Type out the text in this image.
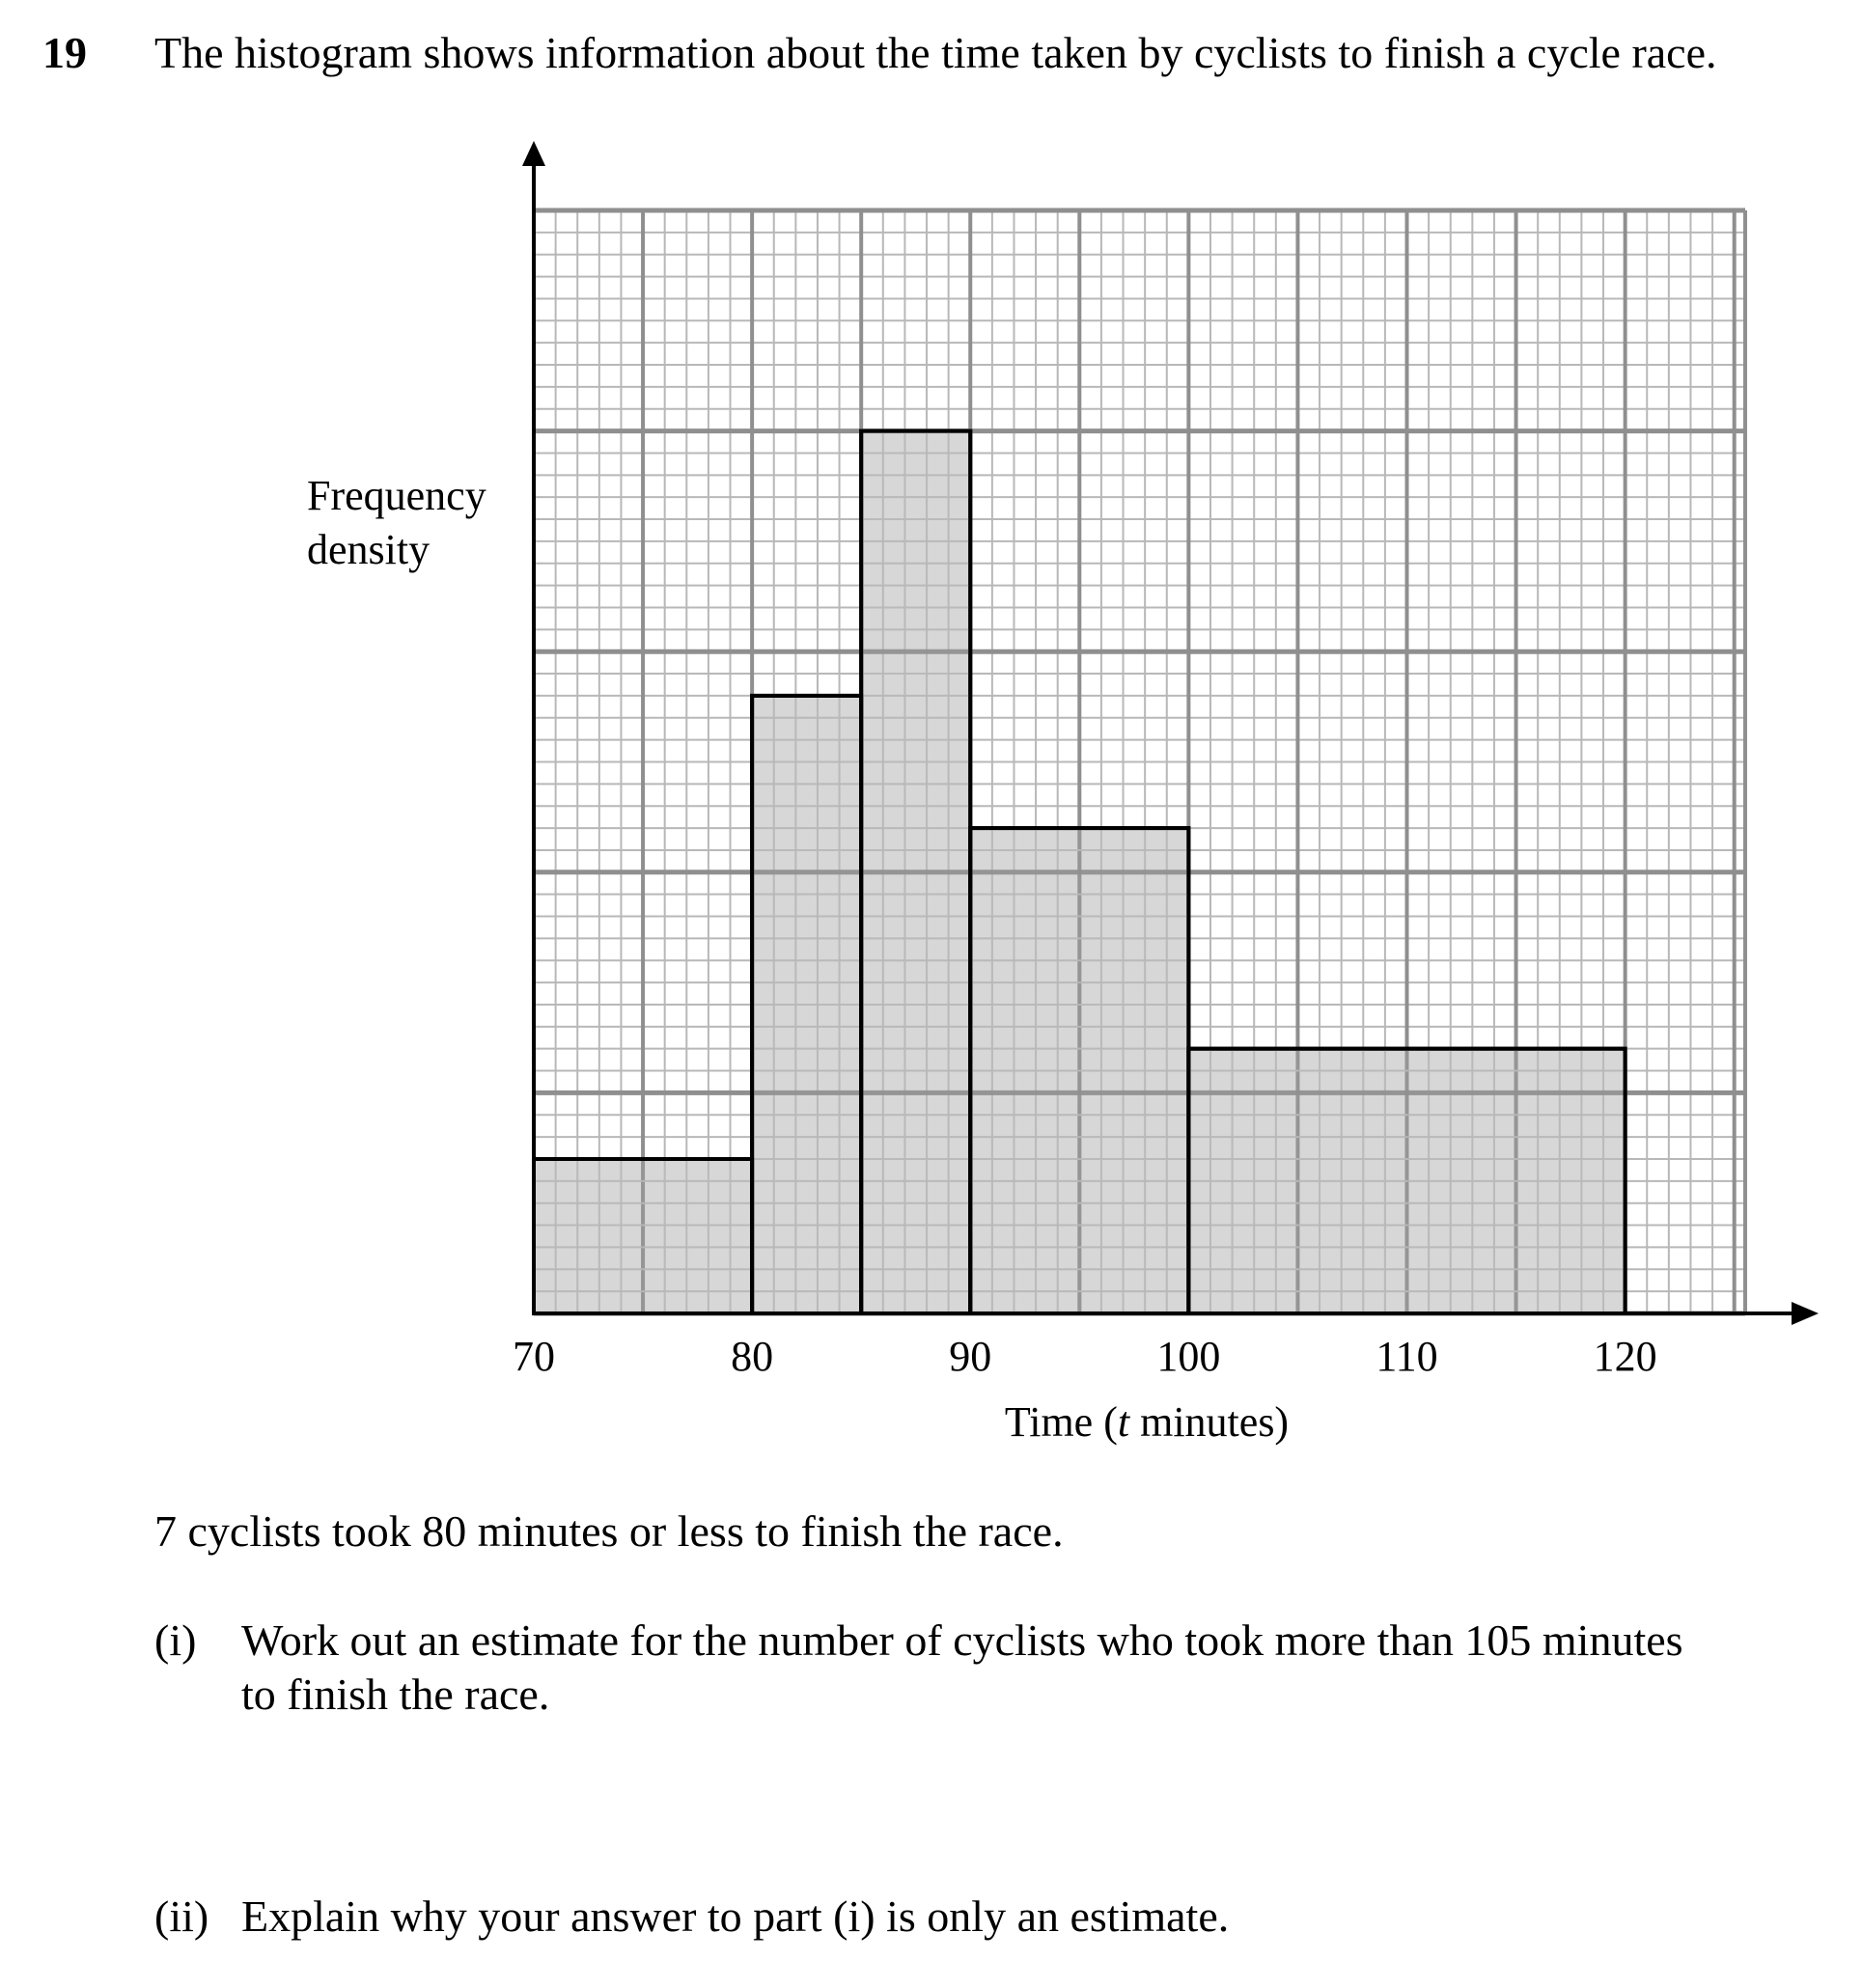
19 The histogram shows information about the time taken by cyclists to finish a cycle race.
70	80	90	100	110	120
Frequency
density
Time (t minutes)
7 cyclists took 80 minutes or less to finish the race.
(i) Work out an estimate for the number of cyclists who took more than 105 minutes to finish the race.
(ii) Explain why your answer to part (i) is only an estimate.
